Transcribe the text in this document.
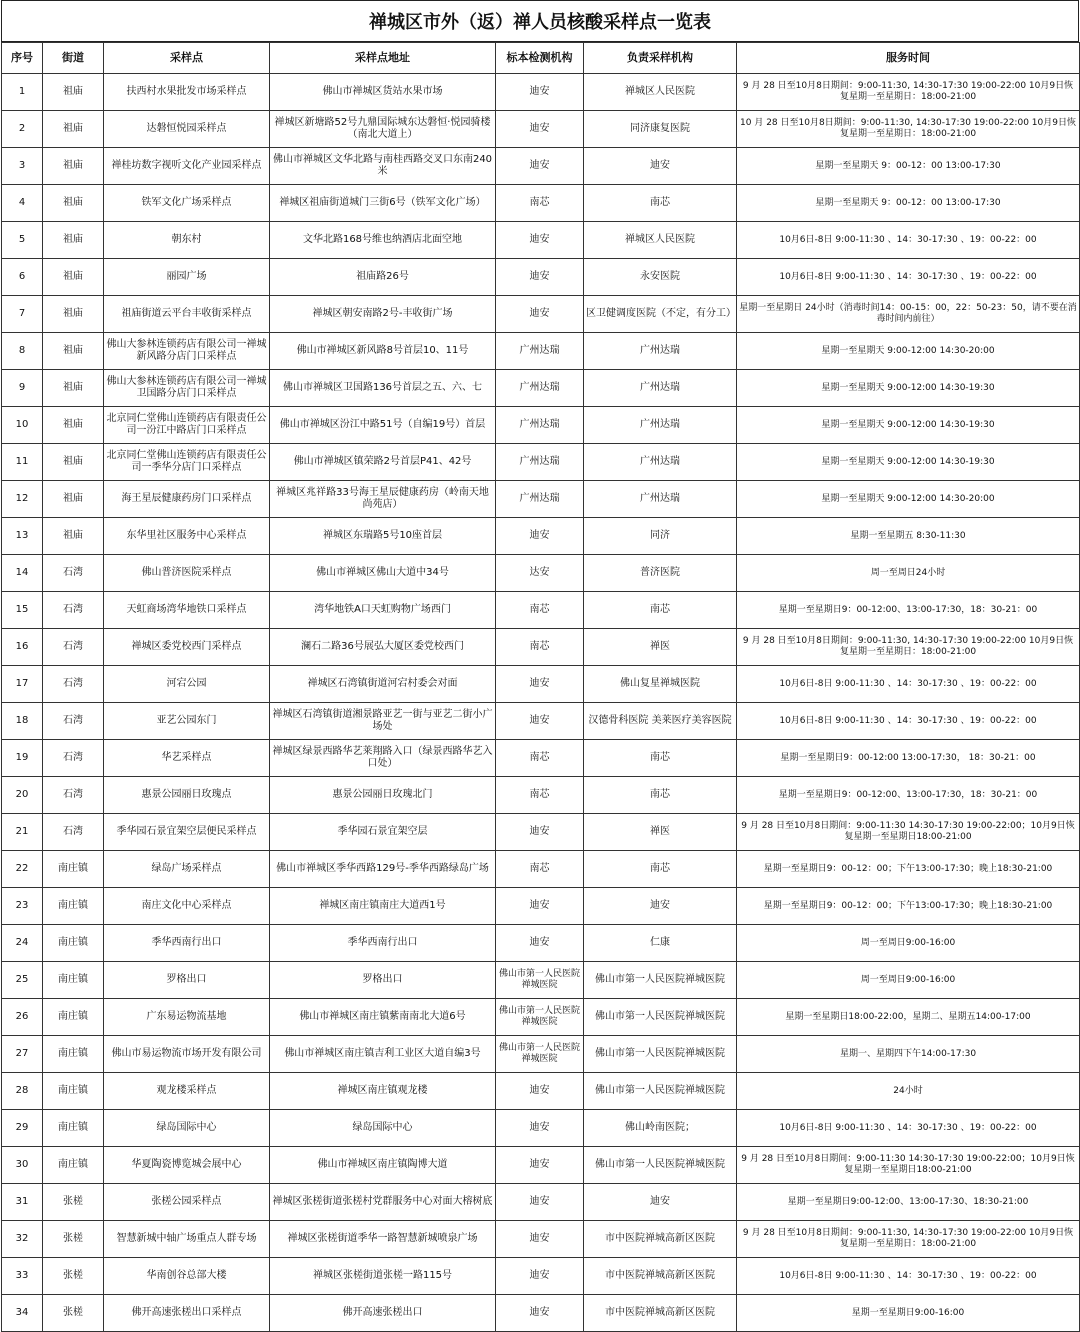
禅城区市外（返）禅人员核酸采样点一览表
序号	街道	采样点	采样点地址	标本检测机构	负责采样机构	服务时间
1	祖庙	扶西村水果批发市场采样点	佛山市禅城区货站水果市场	迪安	禅城区人民医院	9 月 28 日至10月8日期间：9:00-11:30, 14:30-17:30 19:00-22:00 10月9日恢复星期一至星期日：18:00-21:00
2	祖庙	达磐恒悦园采样点	禅城区新塘路52号九鼎国际城东达磐恒·悦园骑楼（南北大道上）	迪安	同济康复医院	10 月 28 日至10月8日期间：9:00-11:30, 14:30-17:30 19:00-22:00 10月9日恢复星期一至星期日：18:00-21:00
3	祖庙	禅桂坊数字视听文化产业园采样点	佛山市禅城区文华北路与南桂西路交叉口东南240米	迪安	迪安	星期一至星期天 9：00-12：00 13:00-17:30
4	祖庙	铁军文化广场采样点	禅城区祖庙街道城门三街6号（铁军文化广场）	南芯	南芯	星期一至星期天 9：00-12：00 13:00-17:30
5	祖庙	朝东村	文华北路168号维也纳酒店北面空地	迪安	禅城区人民医院	10月6日-8日 9:00-11:30 、14：30-17:30 、19：00-22：00
6	祖庙	丽园广场	祖庙路26号	迪安	永安医院	10月6日-8日 9:00-11:30 、14：30-17:30 、19：00-22：00
7	祖庙	祖庙街道云平台丰收街采样点	禅城区朝安南路2号-丰收街广场	迪安	区卫健调度医院（不定，有分工）	星期一至星期日 24小时（消毒时间14：00-15：00，22：50-23：50，请不要在消毒时间内前往）
8	祖庙	佛山大参林连锁药店有限公司一禅城新风路分店门口采样点	佛山市禅城区新风路8号首层10、11号	广州达瑞	广州达瑞	星期一至星期天 9:00-12:00 14:30-20:00
9	祖庙	佛山大参林连锁药店有限公司一禅城卫国路分店门口采样点	佛山市禅城区卫国路136号首层之五、六、七	广州达瑞	广州达瑞	星期一至星期天 9:00-12:00 14:30-19:30
10	祖庙	北京同仁堂佛山连锁药店有限责任公司一汾江中路店门口采样点	佛山市禅城区汾江中路51号（自编19号）首层	广州达瑞	广州达瑞	星期一至星期天 9:00-12:00 14:30-19:30
11	祖庙	北京同仁堂佛山连锁药店有限责任公司一季华分店门口采样点	佛山市禅城区镇荣路2号首层P41、42号	广州达瑞	广州达瑞	星期一至星期天 9:00-12:00 14:30-19:30
12	祖庙	海王星辰健康药房门口采样点	禅城区兆祥路33号海王星辰健康药房（岭南天地尚苑店）	广州达瑞	广州达瑞	星期一至星期天 9:00-12:00 14:30-20:00
13	祖庙	东华里社区服务中心采样点	禅城区东瑞路5号10座首层	迪安	同济	星期一至星期五 8:30-11:30
14	石湾	佛山普济医院采样点	佛山市禅城区佛山大道中34号	达安	普济医院	周一至周日24小时
15	石湾	天虹商场湾华地铁口采样点	湾华地铁A口天虹购物广场西门	南芯	南芯	星期一至星期日9：00-12:00、13:00-17:30，18：30-21：00
16	石湾	禅城区委党校西门采样点	澜石二路36号展弘大厦区委党校西门	南芯	禅医	9 月 28 日至10月8日期间：9:00-11:30, 14:30-17:30 19:00-22:00 10月9日恢复星期一至星期日：18:00-21:00
17	石湾	河宕公园	禅城区石湾镇街道河宕村委会对面	迪安	佛山复星禅城医院	10月6日-8日 9:00-11:30 、14：30-17:30 、19：00-22：00
18	石湾	亚艺公园东门	禅城区石湾镇街道湘景路亚艺一街与亚艺二街小广场处	迪安	汉德骨科医院 美莱医疗美容医院	10月6日-8日 9:00-11:30 、14：30-17:30 、19：00-22：00
19	石湾	华艺采样点	禅城区绿景西路华艺莱翔路入口（绿景西路华艺入口处）	南芯	南芯	星期一至星期日9：00-12:00 13:00-17:30， 18：30-21：00
20	石湾	惠景公园丽日玫瑰点	惠景公园丽日玫瑰北门	南芯	南芯	星期一至星期日9：00-12:00、13:00-17:30，18：30-21：00
21	石湾	季华园石景宜架空层便民采样点	季华园石景宜架空层	迪安	禅医	9 月 28 日至10月8日期间：9:00-11:30 14:30-17:30 19:00-22:00；10月9日恢复星期一至星期日18:00-21:00
22	南庄镇	绿岛广场采样点	佛山市禅城区季华西路129号-季华西路绿岛广场	南芯	南芯	星期一至星期日9：00-12：00；下午13:00-17:30；晚上18:30-21:00
23	南庄镇	南庄文化中心采样点	禅城区南庄镇南庄大道西1号	迪安	迪安	星期一至星期日9：00-12：00；下午13:00-17:30；晚上18:30-21:00
24	南庄镇	季华西南行出口	季华西南行出口	迪安	仁康	周一至周日9:00-16:00
25	南庄镇	罗格出口	罗格出口	佛山市第一人民医院禅城医院	佛山市第一人民医院禅城医院	周一至周日9:00-16:00
26	南庄镇	广东易运物流基地	佛山市禅城区南庄镇紫南南北大道6号	佛山市第一人民医院禅城医院	佛山市第一人民医院禅城医院	星期一至星期日18:00-22:00，星期二、星期五14:00-17:00
27	南庄镇	佛山市易运物流市场开发有限公司	佛山市禅城区南庄镇吉利工业区大道自编3号	佛山市第一人民医院禅城医院	佛山市第一人民医院禅城医院	星期一、星期四下午14:00-17:30
28	南庄镇	观龙楼采样点	禅城区南庄镇观龙楼	迪安	佛山市第一人民医院禅城医院	24小时
29	南庄镇	绿岛国际中心	绿岛国际中心	迪安	佛山岭南医院；	10月6日-8日 9:00-11:30 、14：30-17:30 、19：00-22：00
30	南庄镇	华夏陶瓷博览城会展中心	佛山市禅城区南庄镇陶博大道	迪安	佛山市第一人民医院禅城医院	9 月 28 日至10月8日期间：9:00-11:30 14:30-17:30 19:00-22:00；10月9日恢复星期一至星期日18:00-21:00
31	张槎	张槎公园采样点	禅城区张槎街道张槎村党群服务中心对面大榕树底	迪安	迪安	星期一至星期日9:00-12:00、13:00-17:30、18:30-21:00
32	张槎	智慧新城中轴广场重点人群专场	禅城区张槎街道季华一路智慧新城喷泉广场	迪安	市中医院禅城高新区医院	9 月 28 日至10月8日期间：9:00-11:30, 14:30-17:30 19:00-22:00 10月9日恢复星期一至星期日：18:00-21:00
33	张槎	华南创谷总部大楼	禅城区张槎街道张槎一路115号	迪安	市中医院禅城高新区医院	10月6日-8日 9:00-11:30 、14：30-17:30 、19：00-22：00
34	张槎	佛开高速张槎出口采样点	佛开高速张槎出口	迪安	市中医院禅城高新区医院	星期一至星期日9:00-16:00
